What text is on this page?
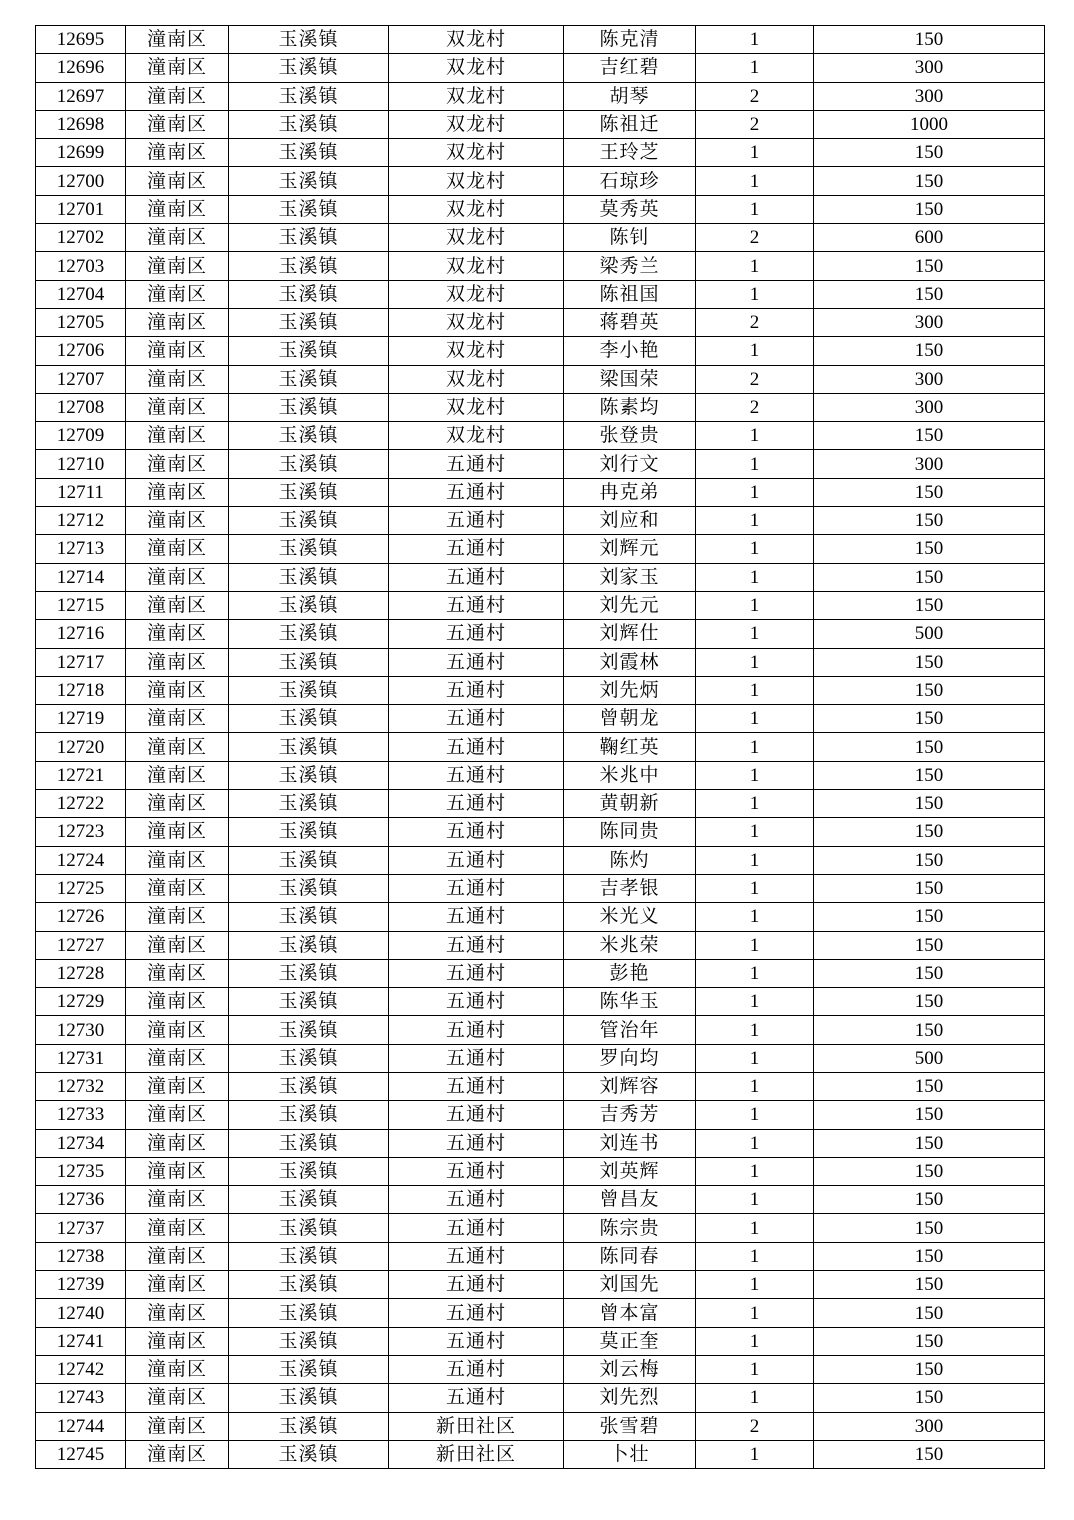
12695	潼南区	玉溪镇	双龙村	陈克清	1	150
12696	潼南区	玉溪镇	双龙村	吉红碧	1	300
12697	潼南区	玉溪镇	双龙村	胡琴	2	300
12698	潼南区	玉溪镇	双龙村	陈祖迁	2	1000
12699	潼南区	玉溪镇	双龙村	王玲芝	1	150
12700	潼南区	玉溪镇	双龙村	石琼珍	1	150
12701	潼南区	玉溪镇	双龙村	莫秀英	1	150
12702	潼南区	玉溪镇	双龙村	陈钊	2	600
12703	潼南区	玉溪镇	双龙村	梁秀兰	1	150
12704	潼南区	玉溪镇	双龙村	陈祖国	1	150
12705	潼南区	玉溪镇	双龙村	蒋碧英	2	300
12706	潼南区	玉溪镇	双龙村	李小艳	1	150
12707	潼南区	玉溪镇	双龙村	梁国荣	2	300
12708	潼南区	玉溪镇	双龙村	陈素均	2	300
12709	潼南区	玉溪镇	双龙村	张登贵	1	150
12710	潼南区	玉溪镇	五通村	刘行文	1	300
12711	潼南区	玉溪镇	五通村	冉克弟	1	150
12712	潼南区	玉溪镇	五通村	刘应和	1	150
12713	潼南区	玉溪镇	五通村	刘辉元	1	150
12714	潼南区	玉溪镇	五通村	刘家玉	1	150
12715	潼南区	玉溪镇	五通村	刘先元	1	150
12716	潼南区	玉溪镇	五通村	刘辉仕	1	500
12717	潼南区	玉溪镇	五通村	刘霞林	1	150
12718	潼南区	玉溪镇	五通村	刘先炳	1	150
12719	潼南区	玉溪镇	五通村	曾朝龙	1	150
12720	潼南区	玉溪镇	五通村	鞠红英	1	150
12721	潼南区	玉溪镇	五通村	米兆中	1	150
12722	潼南区	玉溪镇	五通村	黄朝新	1	150
12723	潼南区	玉溪镇	五通村	陈同贵	1	150
12724	潼南区	玉溪镇	五通村	陈灼	1	150
12725	潼南区	玉溪镇	五通村	吉孝银	1	150
12726	潼南区	玉溪镇	五通村	米光义	1	150
12727	潼南区	玉溪镇	五通村	米兆荣	1	150
12728	潼南区	玉溪镇	五通村	彭艳	1	150
12729	潼南区	玉溪镇	五通村	陈华玉	1	150
12730	潼南区	玉溪镇	五通村	管治年	1	150
12731	潼南区	玉溪镇	五通村	罗向均	1	500
12732	潼南区	玉溪镇	五通村	刘辉容	1	150
12733	潼南区	玉溪镇	五通村	吉秀芳	1	150
12734	潼南区	玉溪镇	五通村	刘连书	1	150
12735	潼南区	玉溪镇	五通村	刘英辉	1	150
12736	潼南区	玉溪镇	五通村	曾昌友	1	150
12737	潼南区	玉溪镇	五通村	陈宗贵	1	150
12738	潼南区	玉溪镇	五通村	陈同春	1	150
12739	潼南区	玉溪镇	五通村	刘国先	1	150
12740	潼南区	玉溪镇	五通村	曾本富	1	150
12741	潼南区	玉溪镇	五通村	莫正奎	1	150
12742	潼南区	玉溪镇	五通村	刘云梅	1	150
12743	潼南区	玉溪镇	五通村	刘先烈	1	150
12744	潼南区	玉溪镇	新田社区	张雪碧	2	300
12745	潼南区	玉溪镇	新田社区	卜壮	1	150
